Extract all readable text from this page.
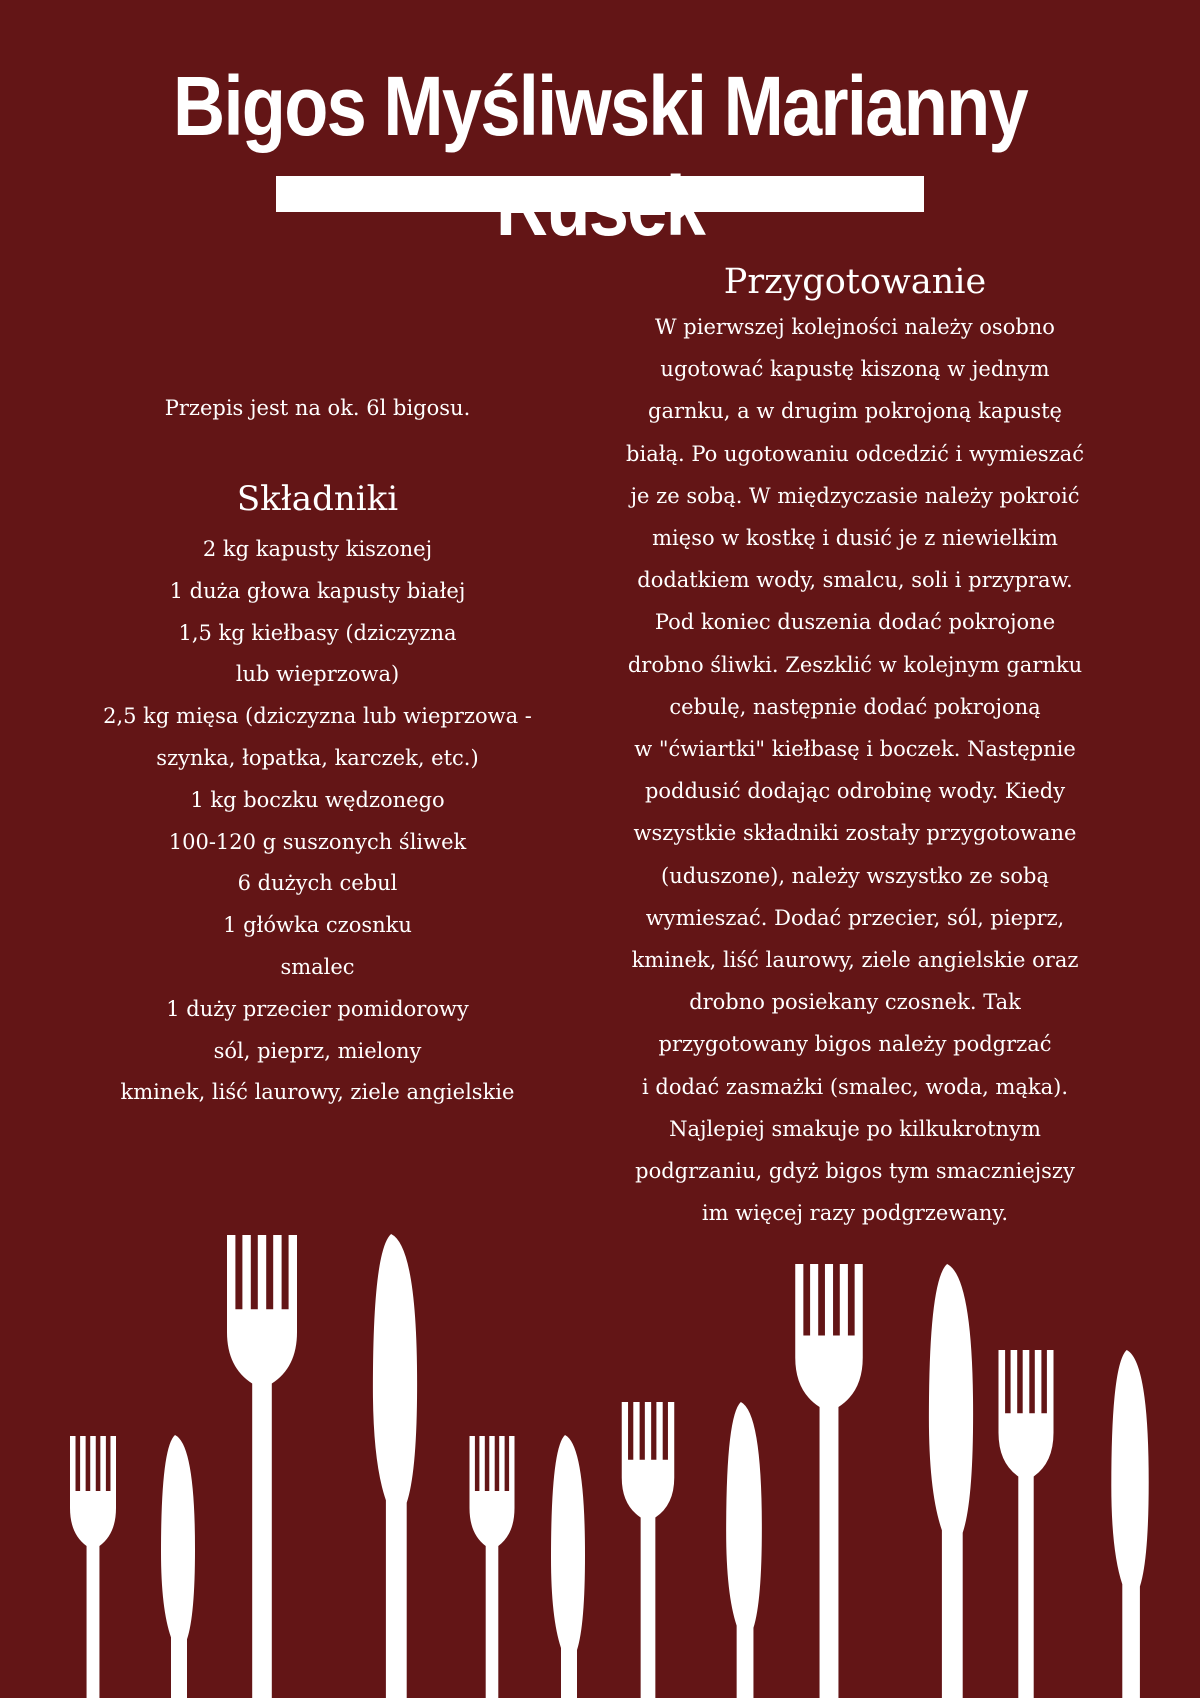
Bigos Myśliwski Marianny

Przepis jest na ok. 6l bigosu.

Składniki
2 kg kapusty kiszonej
1 duża głowa kapusty białej
1,5 kg kiełbasy (dziczyzna
lub wieprzowa)
2,5 kg mięsa (dziczyzna lub wieprzowa -
szynka, łopatka, karczek, etc.)
1 kg boczku wędzonego
100-120 g suszonych śliwek
6 dużych cebul
1 główka czosnku
smalec
1 duży przecier pomidorowy
sól, pieprz, mielony
kminek, liść laurowy, ziele angielskie
Przygotowanie
W pierwszej kolejności należy osobno
ugotować kapustę kiszoną w jednym
garnku, a w drugim pokrojoną kapustę
białą. Po ugotowaniu odcedzić i wymieszać
je ze sobą. W międzyczasie należy pokroić
mięso w kostkę i dusić je z niewielkim
dodatkiem wody, smalcu, soli i przypraw.
Pod koniec duszenia dodać pokrojone
drobno śliwki. Zeszklić w kolejnym garnku
cebulę, następnie dodać pokrojoną
w "ćwiartki" kiełbasę i boczek. Następnie
poddusić dodając odrobinę wody. Kiedy
wszystkie składniki zostały przygotowane
(uduszone), należy wszystko ze sobą
wymieszać. Dodać przecier, sól, pieprz,
kminek, liść laurowy, ziele angielskie oraz
drobno posiekany czosnek. Tak
przygotowany bigos należy podgrzać
i dodać zasmażki (smalec, woda, mąka).
Najlepiej smakuje po kilkukrotnym
podgrzaniu, gdyż bigos tym smaczniejszy
im więcej razy podgrzewany.
